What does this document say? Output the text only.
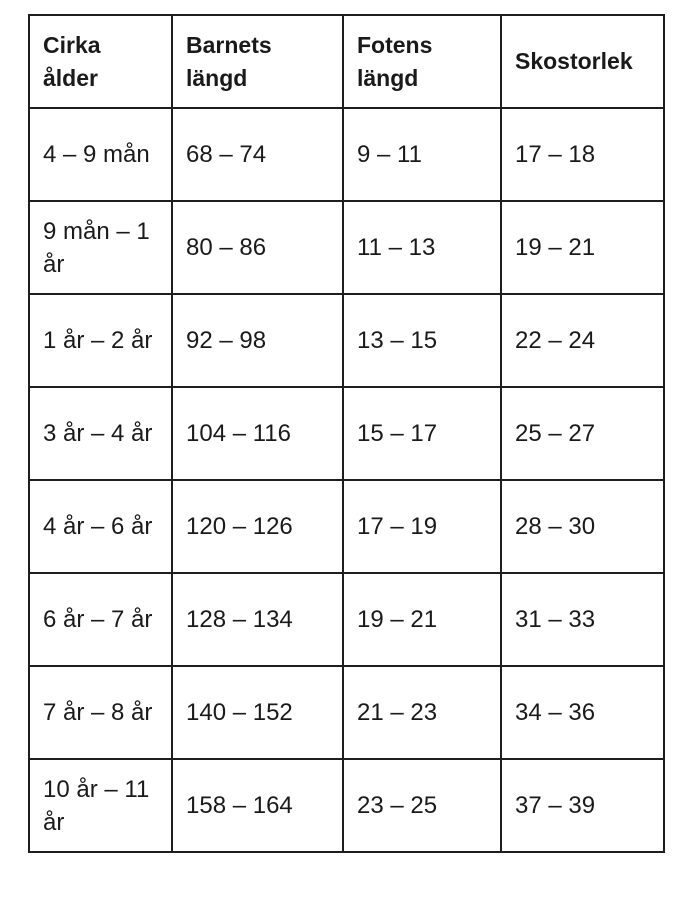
Cirka ålder	Barnets längd	Fotens längd	Skostorlek
4 – 9 mån	68 – 74	9 – 11	17 – 18
9 mån – 1 år	80 – 86	11 – 13	19 – 21
1 år – 2 år	92 – 98	13 – 15	22 – 24
3 år – 4 år	104 – 116	15 – 17	25 – 27
4 år – 6 år	120 – 126	17 – 19	28 – 30
6 år – 7 år	128 – 134	19 – 21	31 – 33
7 år – 8 år	140 – 152	21 – 23	34 – 36
10 år – 11 år	158 – 164	23 – 25	37 – 39
